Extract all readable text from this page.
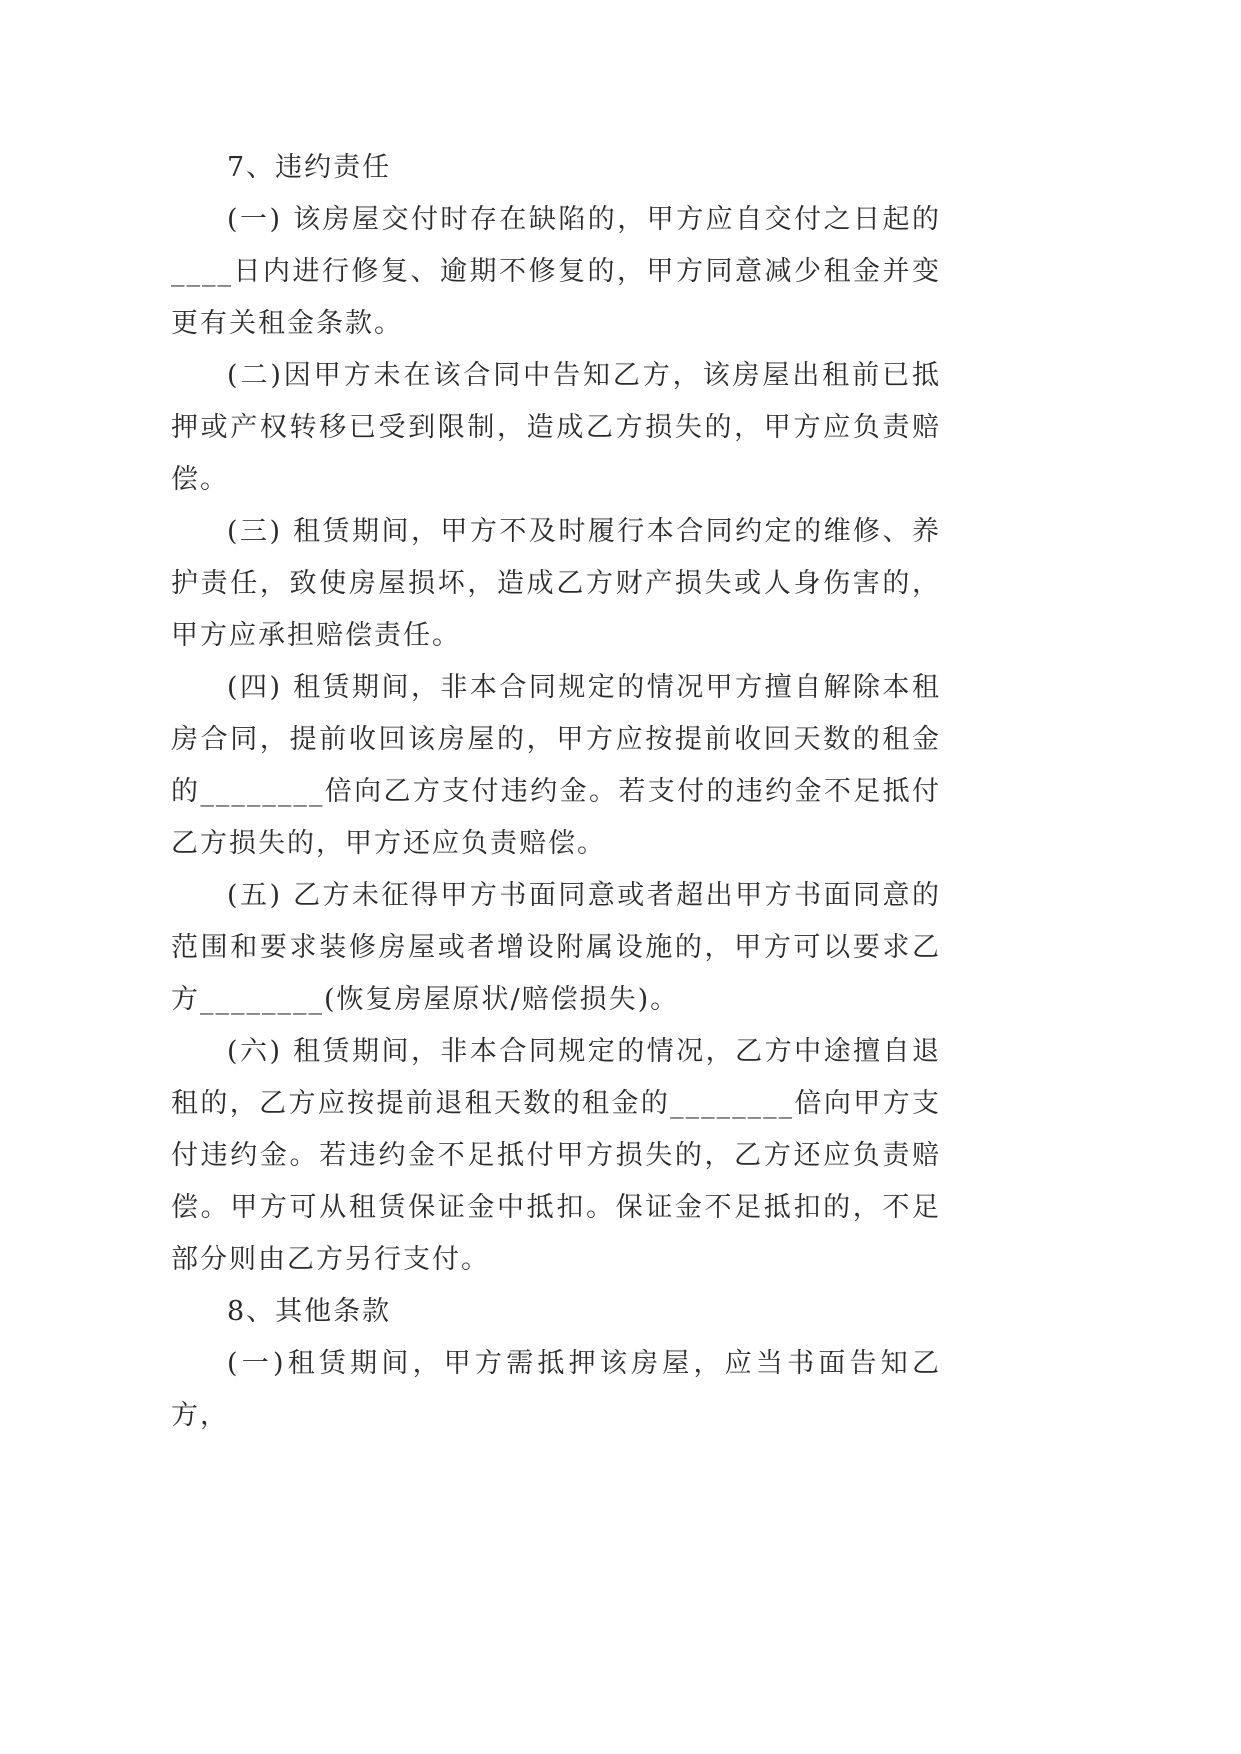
7、违约责任

(一) 该房屋交付时存在缺陷的，甲方应自交付之日起的____日内进行修复、逾期不修复的，甲方同意减少租金并变更有关租金条款。

(二)因甲方未在该合同中告知乙方，该房屋出租前已抵押或产权转移已受到限制，造成乙方损失的，甲方应负责赔偿。

(三) 租赁期间，甲方不及时履行本合同约定的维修、养护责任，致使房屋损坏，造成乙方财产损失或人身伤害的，甲方应承担赔偿责任。

(四) 租赁期间，非本合同规定的情况甲方擅自解除本租房合同，提前收回该房屋的，甲方应按提前收回天数的租金的________倍向乙方支付违约金。若支付的违约金不足抵付乙方损失的，甲方还应负责赔偿。

(五) 乙方未征得甲方书面同意或者超出甲方书面同意的范围和要求装修房屋或者增设附属设施的，甲方可以要求乙方________(恢复房屋原状/赔偿损失)。

(六) 租赁期间，非本合同规定的情况，乙方中途擅自退租的，乙方应按提前退租天数的租金的________倍向甲方支付违约金。若违约金不足抵付甲方损失的，乙方还应负责赔偿。甲方可从租赁保证金中抵扣。保证金不足抵扣的，不足部分则由乙方另行支付。

8、其他条款

(一)租赁期间，甲方需抵押该房屋，应当书面告知乙方，
